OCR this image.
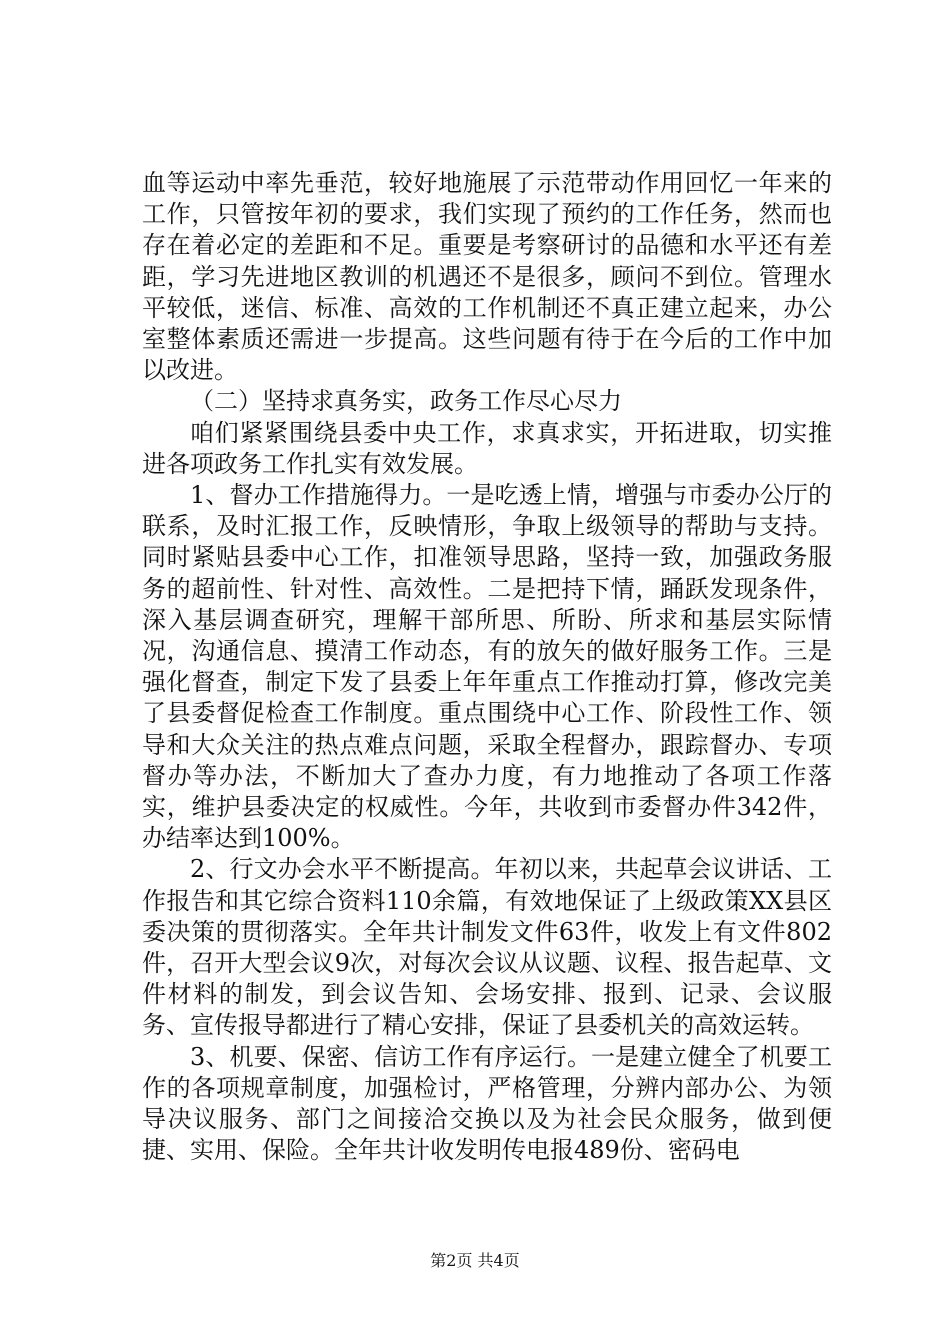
血等运动中率先垂范，较好地施展了示范带动作用回忆一年来的工作，只管按年初的要求，我们实现了预约的工作任务，然而也存在着必定的差距和不足。重要是考察研讨的品德和水平还有差距，学习先进地区教训的机遇还不是很多，顾问不到位。管理水平较低，迷信、标准、高效的工作机制还不真正建立起来，办公室整体素质还需进一步提高。这些问题有待于在今后的工作中加以改进。

（二）坚持求真务实，政务工作尽心尽力

咱们紧紧围绕县委中央工作，求真求实，开拓进取，切实推进各项政务工作扎实有效发展。

1、督办工作措施得力。一是吃透上情，增强与市委办公厅的联系，及时汇报工作，反映情形，争取上级领导的帮助与支持。同时紧贴县委中心工作，扣准领导思路，坚持一致，加强政务服务的超前性、针对性、高效性。二是把持下情，踊跃发现条件，深入基层调查研究，理解干部所思、所盼、所求和基层实际情况，沟通信息、摸清工作动态，有的放矢的做好服务工作。三是强化督查，制定下发了县委上年年重点工作推动打算，修改完美了县委督促检查工作制度。重点围绕中心工作、阶段性工作、领导和大众关注的热点难点问题，采取全程督办，跟踪督办、专项督办等办法，不断加大了查办力度，有力地推动了各项工作落实，维护县委决定的权威性。今年，共收到市委督办件342件，办结率达到100%。

2、行文办会水平不断提高。年初以来，共起草会议讲话、工作报告和其它综合资料110余篇，有效地保证了上级政策XX县区委决策的贯彻落实。全年共计制发文件63件，收发上有文件802件，召开大型会议9次，对每次会议从议题、议程、报告起草、文件材料的制发，到会议告知、会场安排、报到、记录、会议服务、宣传报导都进行了精心安排，保证了县委机关的高效运转。

3、机要、保密、信访工作有序运行。一是建立健全了机要工作的各项规章制度，加强检讨，严格管理，分辨内部办公、为领导决议服务、部门之间接洽交换以及为社会民众服务，做到便捷、实用、保险。全年共计收发明传电报489份、密码电

第2页 共4页
